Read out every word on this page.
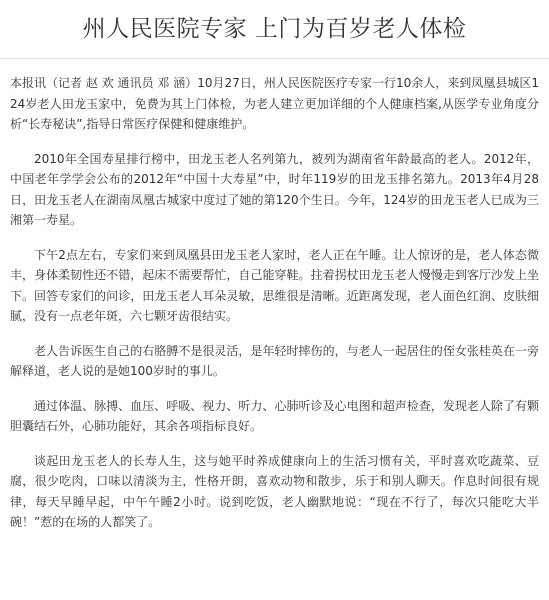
州人民医院专家 上门为百岁老人体检

本报讯（记者 赵 欢 通讯员 邓 涵）10月27日，州人民医院医疗专家一行10余人，来到凤凰县城区124岁老人田龙玉家中，免费为其上门体检，为老人建立更加详细的个人健康档案,从医学专业角度分析“长寿秘诀”,指导日常医疗保健和健康维护。

2010年全国寿星排行榜中，田龙玉老人名列第九，被列为湖南省年龄最高的老人。2012年，中国老年学学会公布的2012年“中国十大寿星”中，时年119岁的田龙玉排名第九。2013年4月28日，田龙玉老人在湖南凤凰古城家中度过了她的第120个生日。今年，124岁的田龙玉老人已成为三湘第一寿星。

下午2点左右，专家们来到凤凰县田龙玉老人家时，老人正在午睡。让人惊讶的是，老人体态微丰，身体柔韧性还不错，起床不需要帮忙，自己能穿鞋。拄着拐杖田龙玉老人慢慢走到客厅沙发上坐下。回答专家们的问诊，田龙玉老人耳朵灵敏，思维很是清晰。近距离发现，老人面色红润、皮肤细腻，没有一点老年斑，六七颗牙齿很结实。

老人告诉医生自己的右胳膊不是很灵活，是年轻时摔伤的，与老人一起居住的侄女张桂英在一旁解释道，老人说的是她100岁时的事儿。

通过体温、脉搏、血压、呼吸、视力、听力、心肺听诊及心电图和超声检查，发现老人除了有颗胆囊结石外，心肺功能好，其余各项指标良好。

谈起田龙玉老人的长寿人生，这与她平时养成健康向上的生活习惯有关，平时喜欢吃蔬菜、豆腐，很少吃肉，口味以清淡为主，性格开朗，喜欢动物和散步，乐于和别人聊天。作息时间很有规律，每天早睡早起，中午午睡2小时。说到吃饭，老人幽默地说：“现在不行了，每次只能吃大半碗！”惹的在场的人都笑了。
